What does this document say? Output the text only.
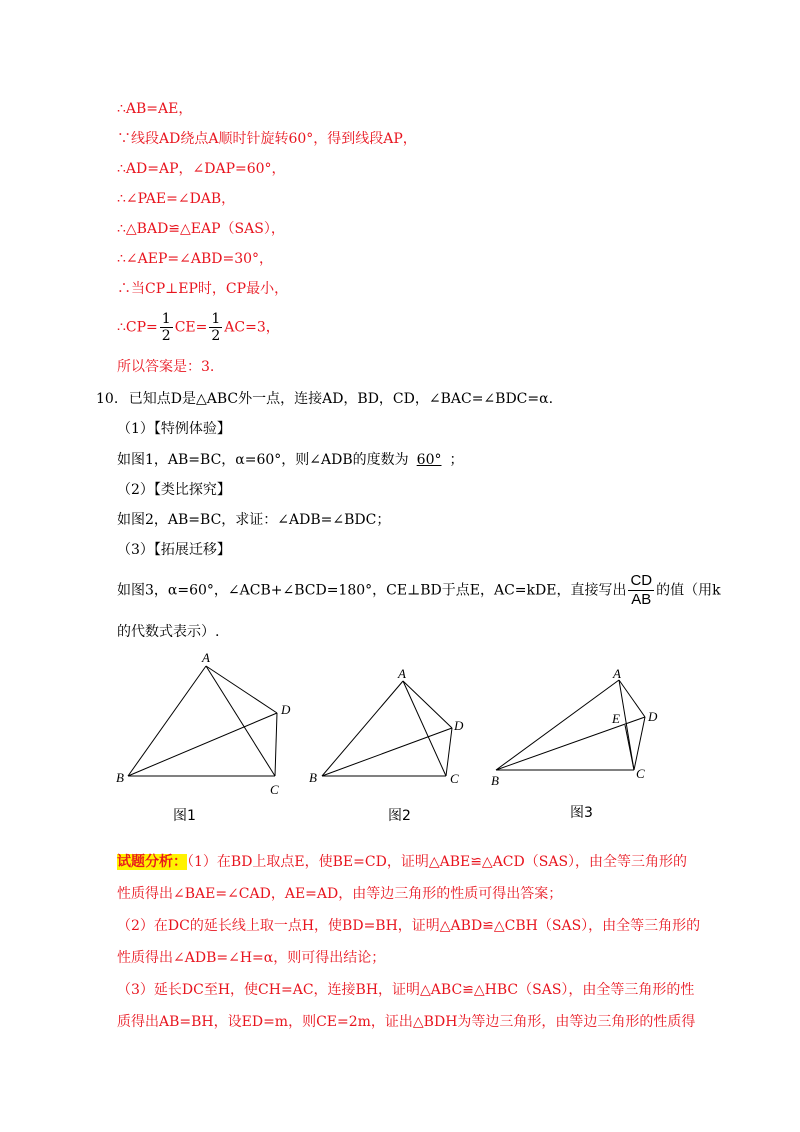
∴AB=AE，
∵线段AD绕点A顺时针旋转60°，得到线段AP，
∴AD=AP，∠DAP=60°，
∴∠PAE=∠DAB，
∴△BAD≌△EAP（SAS），
∴∠AEP=∠ABD=30°，
∴当CP⊥EP时，CP最小，
∴CP= $\frac{1}{2} CE= \frac{1}{2} AC=3$，
所以答案是：3.
10. 已知点D是△ABC外一点，连接AD，BD，CD，∠BAC=∠BDC=α.
（1）【特例体验】
如图1，AB=BC，α=60°，则∠ADB的度数为 60° ；
（2）【类比探究】
如图2，AB=BC，求证：∠ADB=∠BDC；
（3）【拓展迁移】
如图3，α=60°，∠ACB+∠BCD=180°，CE⊥BD于点E，AC=kDE，直接写出 $\frac{CD}{AB}$ 的值（用k
的代数式表示）.
A
B
C
D
图1
A
B	C
D
图2
A
B	C
D
E
图3
试题分析：（1）在BD上取点E，使BE=CD，证明△ABE≌△ACD（SAS），由全等三角形的
性质得出∠BAE=∠CAD，AE=AD，由等边三角形的性质可得出答案；
（2）在DC的延长线上取一点H，使BD=BH，证明△ABD≌△CBH（SAS），由全等三角形的
性质得出∠ADB=∠H=α，则可得出结论；
（3）延长DC至H，使CH=AC，连接BH，证明△ABC≌△HBC（SAS），由全等三角形的性
质得出AB=BH，设ED=m，则CE=2m，证出△BDH为等边三角形，由等边三角形的性质得
